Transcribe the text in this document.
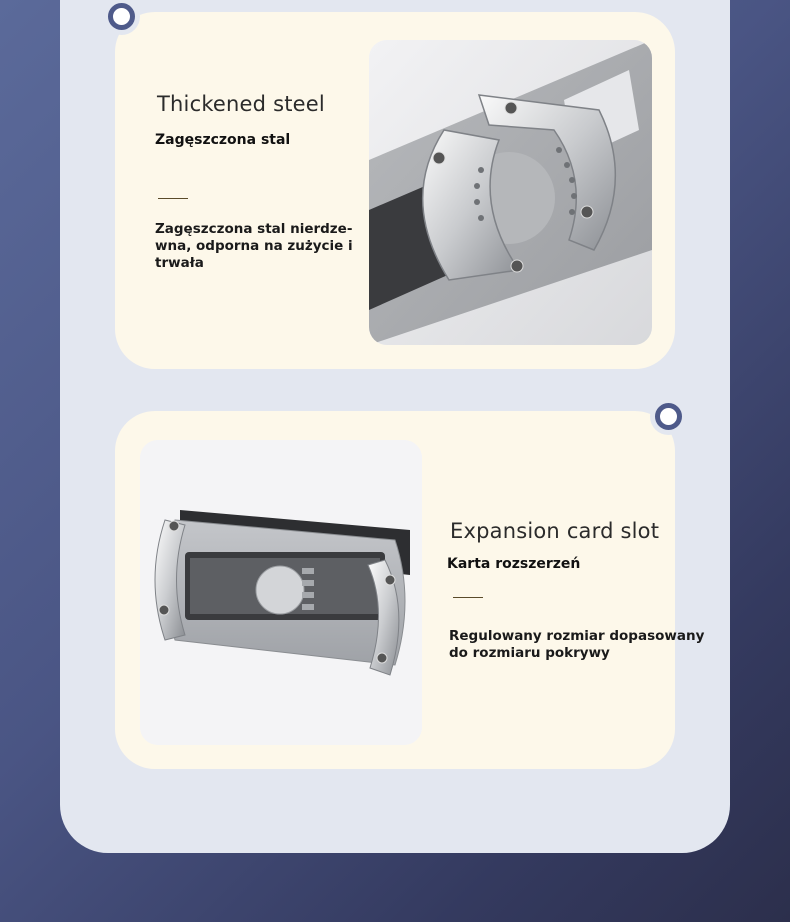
Thickened steel
Zagęszczona stal
Zagęszczona stal nierdze-
wna, odporna na zużycie i
trwała
Expansion card slot
Karta rozszerzeń
Regulowany rozmiar dopasowany
do rozmiaru pokrywy
